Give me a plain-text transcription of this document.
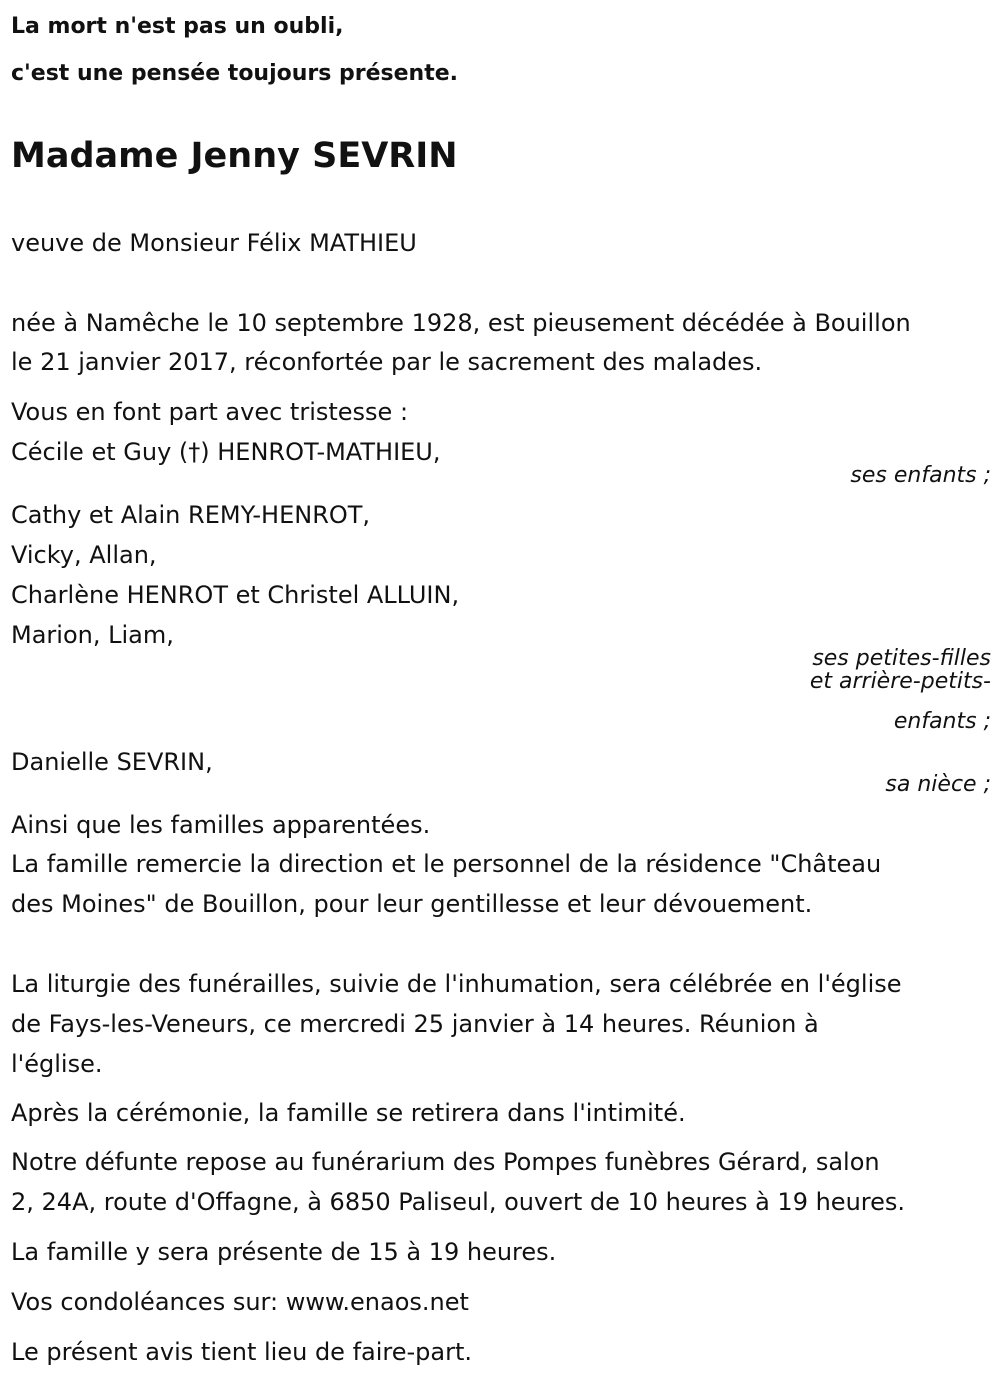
La mort n'est pas un oubli,
c'est une pensée toujours présente.
Madame Jenny SEVRIN
veuve de Monsieur Félix MATHIEU
née à Namêche le 10 septembre 1928, est pieusement décédée à Bouillon
le 21 janvier 2017, réconfortée par le sacrement des malades.
Vous en font part avec tristesse :
Cécile et Guy (†) HENROT-MATHIEU,
ses enfants ;
Cathy et Alain REMY-HENROT,
Vicky, Allan,
Charlène HENROT et Christel ALLUIN,
Marion, Liam,
ses petites-filles
et arrière-petits-
enfants ;
Danielle SEVRIN,
sa nièce ;
Ainsi que les familles apparentées.
La famille remercie la direction et le personnel de la résidence "Château
des Moines" de Bouillon, pour leur gentillesse et leur dévouement.
La liturgie des funérailles, suivie de l'inhumation, sera célébrée en l'église
de Fays-les-Veneurs, ce mercredi 25 janvier à 14 heures. Réunion à
l'église.
Après la cérémonie, la famille se retirera dans l'intimité.
Notre défunte repose au funérarium des Pompes funèbres Gérard, salon
2, 24A, route d'Offagne, à 6850 Paliseul, ouvert de 10 heures à 19 heures.
La famille y sera présente de 15 à 19 heures.
Vos condoléances sur: www.enaos.net
Le présent avis tient lieu de faire-part.
